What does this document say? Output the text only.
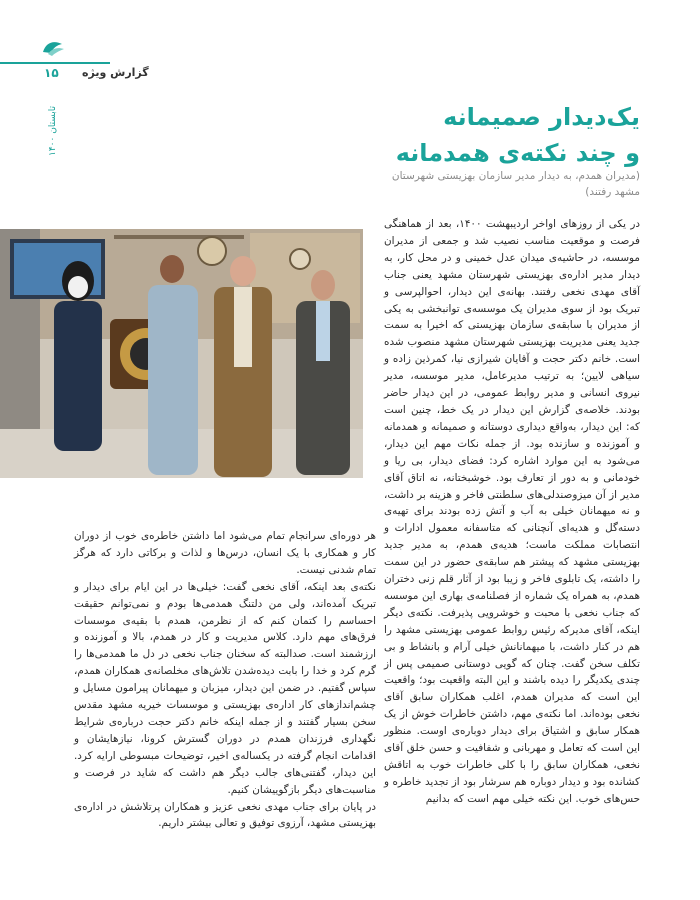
۱۵ گزارش ویژه
تابستان ۱۴۰۰	یک‌دیدار صمیمانه
و چند نکته‌ی همدمانه
(مدیران همدم، به دیدار مدیر سازمان بهزیستی شهرستان
مشهد رفتند)

در یکی از روزهای اواخر اردیبهشت ۱۴۰۰، بعد از هماهنگی فرصت و موقعیت مناسب نصیب شد و جمعی از مدیران موسسه، در حاشیه‌ی میدان عدل خمینی و در محل کار، به دیدار مدیر اداره‌ی بهزیستی شهرستان مشهد یعنی جناب آقای مهدی نخعی رفتند. بهانه‌ی این دیدار، احوالپرسی و تبریک بود از سوی مدیران یک موسسه‌ی توانبخشی به یکی از مدیران با سابقه‌ی سازمان بهزیستی که اخیرا به سمت جدید یعنی مدیریت بهزیستی شهرستان مشهد منصوب شده است. خانم دکتر حجت و آقایان شیرازی نیا، کمرذین زاده و سیاهی لایین؛ به ترتیب مدیرعامل، مدیر موسسه، مدیر نیروی انسانی و مدیر روابط عمومی، در این دیدار حاضر بودند. خلاصه‌ی گزارش این دیدار در یک خط، چنین است که: این دیدار، به‌واقع دیداری دوستانه و صمیمانه و همدمانه و آموزنده و سازنده بود. از جمله نکات مهم این دیدار، می‌شود به این موارد اشاره کرد: فضای دیدار، بی ریا و خودمانی و به دور از تعارف بود. خوشبختانه، نه اتاق آقای مدیر از آن میزوصندلی‌های سلطنتی فاخر و هزینه بر داشت، و نه میهمانان خیلی به آب و آتش زده بودند برای تهیه‌ی دسته‌گل و هدیه‌ای آنچنانی که متاسفانه معمول ادارات و انتصابات مملکت ماست؛ هدیه‌ی همدم، به مدیر جدید بهزیستی مشهد که پیشتر هم سابقه‌ی حضور در این سمت را داشته، یک تابلوی فاخر و زیبا بود از آثار قلم زنی دختران همدم، به همراه یک شماره از فصلنامه‌ی بهاری این موسسه که جناب نخعی با محبت و خوشرویی پذیرفت. نکته‌ی دیگر اینکه، آقای مدیرکه رئیس روابط عمومی بهزیستی مشهد را هم در کنار داشت، با میهمانانش خیلی آرام و بانشاط و بی تکلف سخن گفت. چنان که گویی دوستانی صمیمی پس از چندی یکدیگر را دیده باشند و این البته واقعیت بود؛ واقعیت این است که مدیران همدم، اغلب همکاران سابق آقای نخعی بوده‌اند. اما نکته‌ی مهم، داشتن خاطرات خوش از یک همکار سابق و اشتیاق برای دیدار دوباره‌ی اوست. منظور این است که تعامل و مهربانی و شفافیت و حسن خلق آقای نخعی، همکاران سابق را با کلی خاطرات خوب به اتاقش کشانده بود و دیدار دوباره هم سرشار بود از تجدید خاطره و حس‌های خوب. این نکته خیلی مهم است که بدانیم

هر دوره‌ای سرانجام تمام می‌شود اما داشتن خاطره‌ی خوب از دوران کار و همکاری با یک انسان، درس‌ها و لذات و برکاتی دارد که هرگز تمام شدنی نیست.

نکته‌ی بعد اینکه، آقای نخعی گفت: خیلی‌ها در این ایام برای دیدار و تبریک آمده‌اند، ولی من دلتنگ همدمی‌ها بودم و نمی‌توانم حقیقت احساسم را کتمان کنم که از نظرمن، همدم با بقیه‌ی موسسات فرق‌های مهم دارد. کلاس مدیریت و کار در همدم، بالا و آموزنده و ارزشمند است. صدالبته که سخنان جناب نخعی در دل ما همدمی‌ها را گرم کرد و خدا را بابت دیده‌شدن تلاش‌های مخلصانه‌ی همکاران همدم، سپاس گفتیم. در ضمن این دیدار، میزبان و میهمانان پیرامون مسایل و چشم‌اندازهای کار اداره‌ی بهزیستی و موسسات خیریه مشهد مقدس سخن بسیار گفتند و از جمله اینکه خانم دکتر حجت درباره‌ی شرایط نگهداری فرزندان همدم در دوران گسترش کرونا، نیازهایشان و اقدامات انجام گرفته در یکساله‌ی اخیر، توضیحات مبسوطی ارایه کرد. این دیدار، گفتنی‌های جالب دیگر هم داشت که شاید در فرصت و مناسبت‌های دیگر بازگوییشان کنیم.

در پایان برای جناب مهدی نخعی عزیز و همکاران پرتلاشش در اداره‌ی بهزیستی مشهد، آرزوی توفیق و تعالی بیشتر داریم.
